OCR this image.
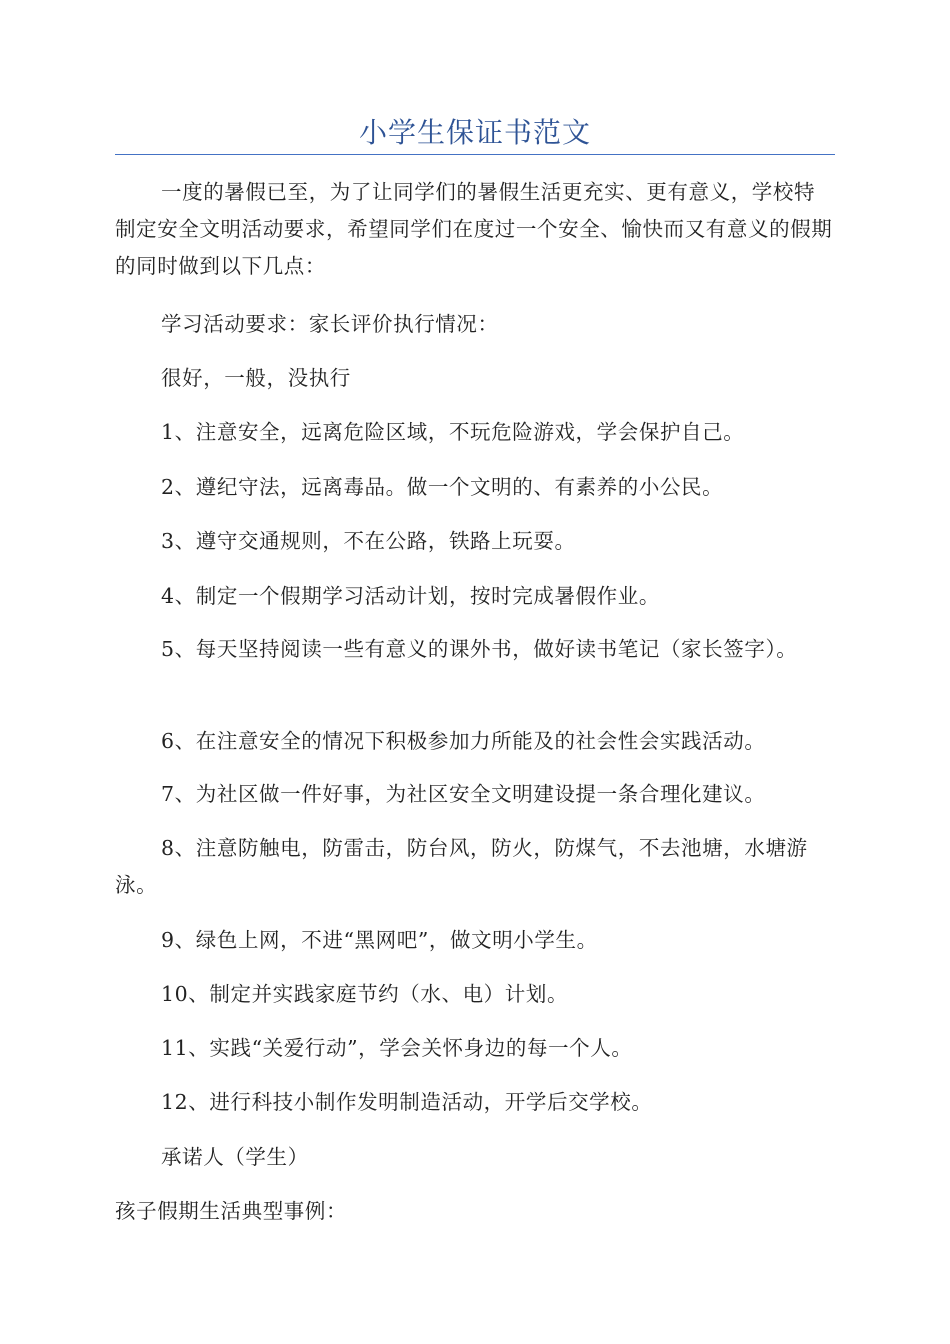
小学生保证书范文

一度的暑假已至，为了让同学们的暑假生活更充实、更有意义，学校特制定安全文明活动要求，希望同学们在度过一个安全、愉快而又有意义的假期的同时做到以下几点：

学习活动要求：家长评价执行情况：

很好，一般，没执行

1、注意安全，远离危险区域，不玩危险游戏，学会保护自己。

2、遵纪守法，远离毒品。做一个文明的、有素养的小公民。

3、遵守交通规则，不在公路，铁路上玩耍。

4、制定一个假期学习活动计划，按时完成暑假作业。

5、每天坚持阅读一些有意义的课外书，做好读书笔记（家长签字）。

6、在注意安全的情况下积极参加力所能及的社会性会实践活动。

7、为社区做一件好事，为社区安全文明建设提一条合理化建议。

8、注意防触电，防雷击，防台风，防火，防煤气，不去池塘，水塘游泳。

9、绿色上网，不进“黑网吧”，做文明小学生。

10、制定并实践家庭节约（水、电）计划。

11、实践“关爱行动”，学会关怀身边的每一个人。

12、进行科技小制作发明制造活动，开学后交学校。

承诺人（学生）

孩子假期生活典型事例：
